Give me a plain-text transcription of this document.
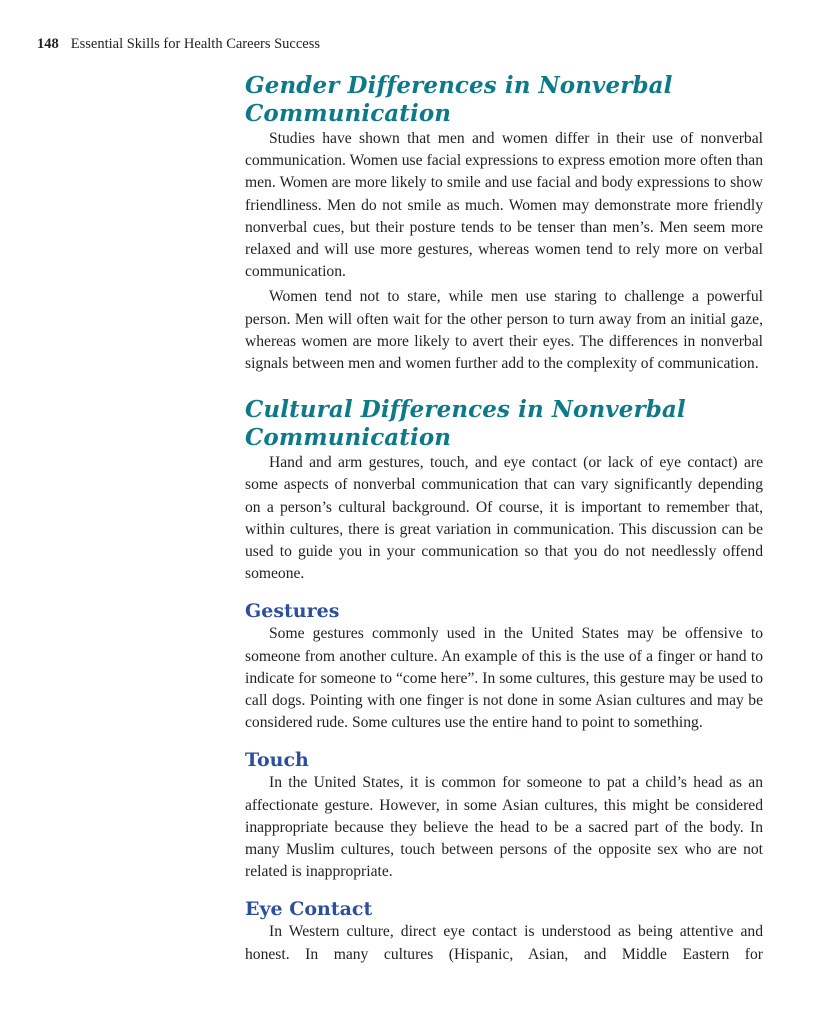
148 Essential Skills for Health Careers Success
Gender Differences in Nonverbal
Communication

Studies have shown that men and women differ in their use of nonverbal communication. Women use facial expressions to express emotion more often than men. Women are more likely to smile and use facial and body expressions to show friendliness. Men do not smile as much. Women may demonstrate more friendly nonverbal cues, but their posture tends to be tenser than men’s. Men seem more relaxed and will use more gestures, whereas women tend to rely more on verbal communication.

Women tend not to stare, while men use staring to challenge a powerful person. Men will often wait for the other person to turn away from an initial gaze, whereas women are more likely to avert their eyes. The differences in nonverbal signals between men and women further add to the complexity of communication.

Cultural Differences in Nonverbal
Communication

Hand and arm gestures, touch, and eye contact (or lack of eye contact) are some aspects of nonverbal communication that can vary significantly depending on a person’s cultural background. Of course, it is important to remember that, within cultures, there is great variation in communication. This discussion can be used to guide you in your communication so that you do not needlessly offend someone.

Gestures

Some gestures commonly used in the United States may be offensive to someone from another culture. An example of this is the use of a finger or hand to indicate for someone to “come here”. In some cultures, this gesture may be used to call dogs. Pointing with one finger is not done in some Asian cultures and may be considered rude. Some cultures use the entire hand to point to something.

Touch

In the United States, it is common for someone to pat a child’s head as an affectionate gesture. However, in some Asian cultures, this might be considered inappropriate because they believe the head to be a sacred part of the body. In many Muslim cultures, touch between persons of the opposite sex who are not related is inappropriate.

Eye Contact

In Western culture, direct eye contact is understood as being attentive and honest. In many cultures (Hispanic, Asian, and Middle Eastern for
